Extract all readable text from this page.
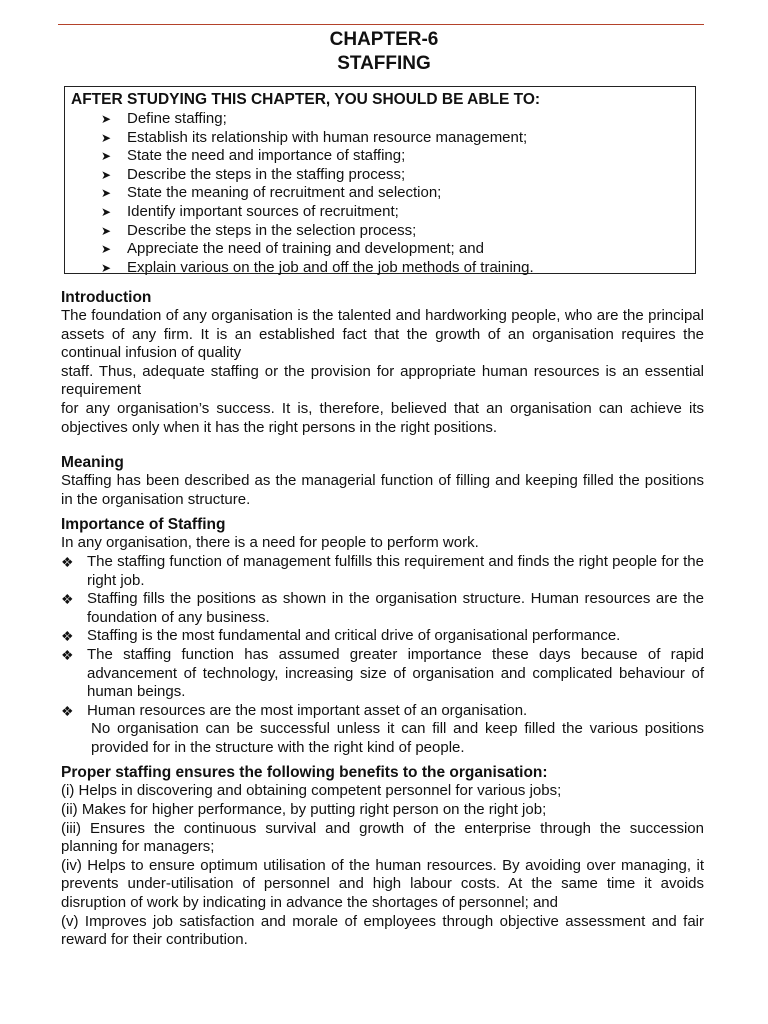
CHAPTER-6
STAFFING
AFTER STUDYING THIS CHAPTER, YOU SHOULD BE ABLE TO:
➤ Define staffing;
➤ Establish its relationship with human resource management;
➤ State the need and importance of staffing;
➤ Describe the steps in the staffing process;
➤ State the meaning of recruitment and selection;
➤ Identify important sources of recruitment;
➤ Describe the steps in the selection process;
➤ Appreciate the need of training and development; and
➤ Explain various on the job and off the job methods of training.
Introduction

The foundation of any organisation is the talented and hardworking people, who are the principal assets of any firm. It is an established fact that the growth of an organisation requires the continual infusion of quality

staff. Thus, adequate staffing or the provision for appropriate human resources is an essential requirement

for any organisation’s success. It is, therefore, believed that an organisation can achieve its objectives only when it has the right persons in the right positions.

Meaning

Staffing has been described as the managerial function of filling and keeping filled the positions in the organisation structure.

Importance of Staffing

In any organisation, there is a need for people to perform work.

❖ The staffing function of management fulfills this requirement and finds the right people for the right job.
❖ Staffing fills the positions as shown in the organisation structure. Human resources are the foundation of any business.
❖ Staffing is the most fundamental and critical drive of organisational performance.
❖ The staffing function has assumed greater importance these days because of rapid advancement of technology, increasing size of organisation and complicated behaviour of human beings.
❖ Human resources are the most important asset of an organisation.

No organisation can be successful unless it can fill and keep filled the various positions provided for in the structure with the right kind of people.

Proper staffing ensures the following benefits to the organisation:

(i) Helps in discovering and obtaining competent personnel for various jobs;

(ii) Makes for higher performance, by putting right person on the right job;

(iii) Ensures the continuous survival and growth of the enterprise through the succession planning for managers;

(iv) Helps to ensure optimum utilisation of the human resources. By avoiding over managing, it prevents under-utilisation of personnel and high labour costs. At the same time it avoids disruption of work by indicating in advance the shortages of personnel; and

(v) Improves job satisfaction and morale of employees through objective assessment and fair reward for their contribution.
